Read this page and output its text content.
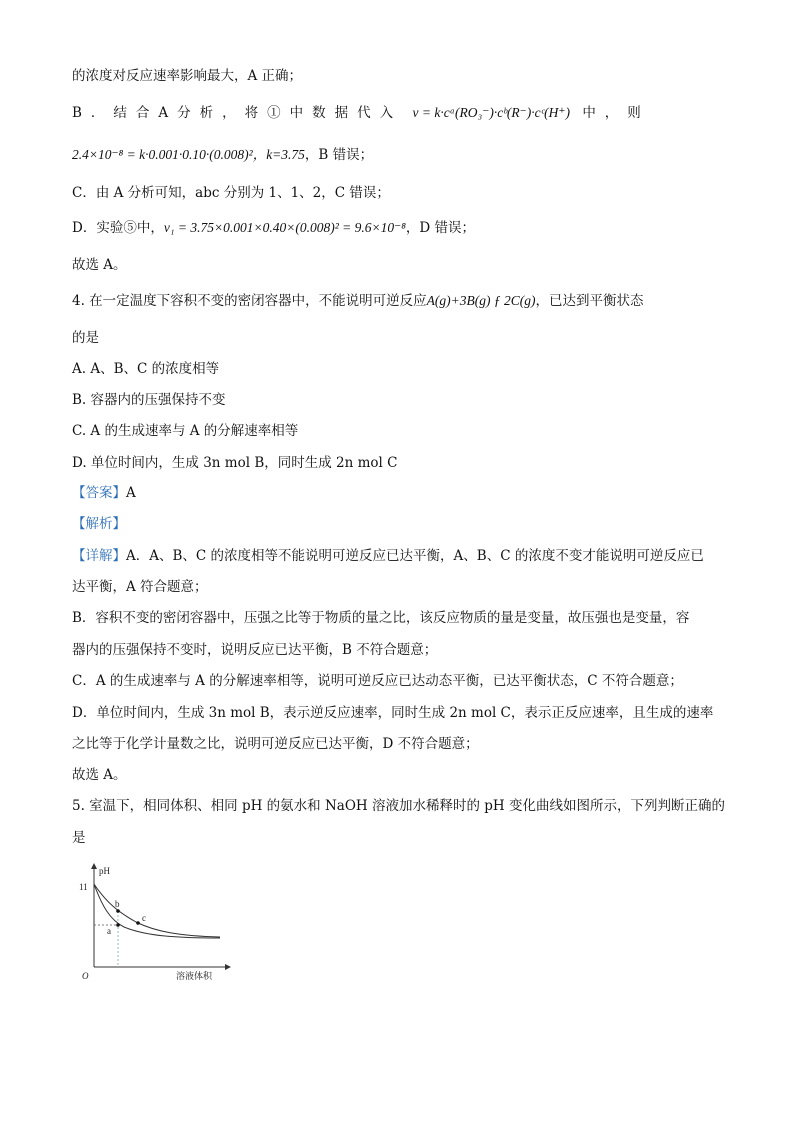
的浓度对反应速率影响最大，A 正确；
B．结合A分析，将①中数据代入 v = k·cᵃ(RO₃⁻)·cᵇ(R⁻)·cᶜ(H⁺) 中，则
2.4×10⁻⁸ = k·0.001·0.10·(0.008)²，k=3.75，B 错误；
C．由 A 分析可知，abc 分别为 1、1、2，C 错误；
D．实验⑤中，v₁ = 3.75×0.001×0.40×(0.008)² = 9.6×10⁻⁸，D 错误；
故选 A。
4. 在一定温度下容积不变的密闭容器中，不能说明可逆反应A(g)+3B(g) ƒ 2C(g)，已达到平衡状态
的是
A. A、B、C 的浓度相等
B. 容器内的压强保持不变
C. A 的生成速率与 A 的分解速率相等
D. 单位时间内，生成 3n mol B，同时生成 2n mol C
【答案】A
【解析】
【详解】A．A、B、C 的浓度相等不能说明可逆反应已达平衡，A、B、C 的浓度不变才能说明可逆反应已
达平衡，A 符合题意；
B．容积不变的密闭容器中，压强之比等于物质的量之比，该反应物质的量是变量，故压强也是变量，容
器内的压强保持不变时，说明反应已达平衡，B 不符合题意；
C．A 的生成速率与 A 的分解速率相等，说明可逆反应已达动态平衡，已达平衡状态，C 不符合题意；
D．单位时间内，生成 3n mol B，表示逆反应速率，同时生成 2n mol C，表示正反应速率，且生成的速率
之比等于化学计量数之比，说明可逆反应已达平衡，D 不符合题意；
故选 A。
5. 室温下，相同体积、相同 pH 的氨水和 NaOH 溶液加水稀释时的 pH 变化曲线如图所示，下列判断正确的
是
pH
11
O	溶液体积
b
c
a
